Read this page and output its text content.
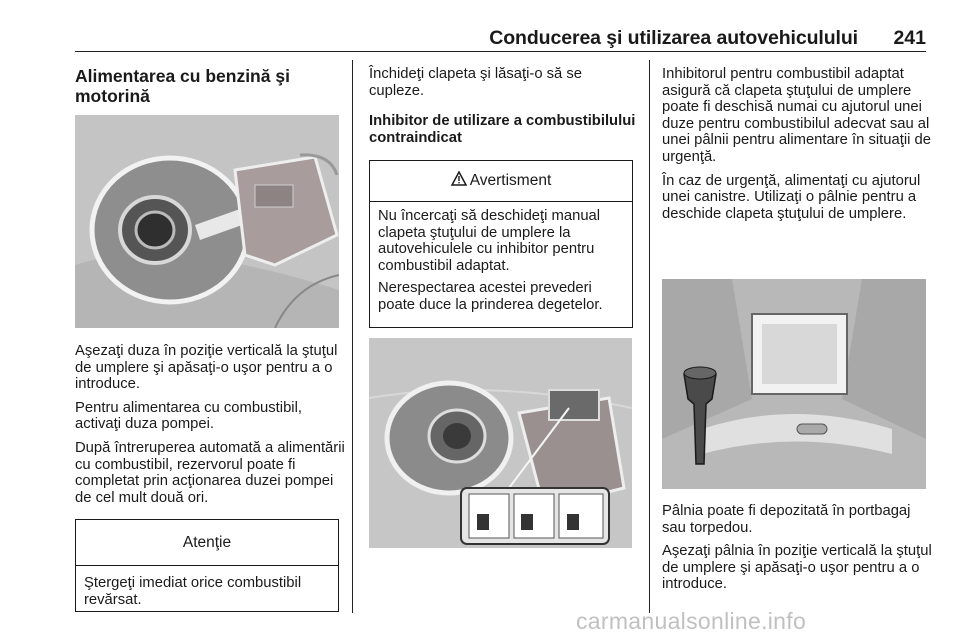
Conducerea şi utilizarea autovehiculului	241
Alimentarea cu benzină şi motorină

Aşezaţi duza în poziţie verticală la ştuţul de umplere şi apăsaţi-o uşor pentru a o introduce.

Pentru alimentarea cu combustibil, activaţi duza pompei.

După întreruperea automată a alimentării cu combustibil, rezervorul poate fi completat prin acţionarea duzei pompei de cel mult două ori.

Atenţie
Ştergeţi imediat orice combustibil revărsat.

Închideţi clapeta şi lăsaţi-o să se cupleze.

Inhibitor de utilizare a combustibilului contraindicat
Avertisment

Nu încercaţi să deschideţi manual clapeta ştuţului de umplere la autovehiculele cu inhibitor pentru combustibil adaptat.

Nerespectarea acestei prevederi poate duce la prinderea degetelor.

Inhibitorul pentru combustibil adaptat asigură că clapeta ştuţului de umplere poate fi deschisă numai cu ajutorul unei duze pentru combustibilul adecvat sau al unei pâlnii pentru alimentare în situaţii de urgenţă.

În caz de urgenţă, alimentaţi cu ajutorul unei canistre. Utilizaţi o pâlnie pentru a deschide clapeta ştuţului de umplere.

Pâlnia poate fi depozitată în portbagaj sau torpedou.

Aşezaţi pâlnia în poziţie verticală la ştuţul de umplere şi apăsaţi-o uşor pentru a o introduce.

carmanualsonline.info
